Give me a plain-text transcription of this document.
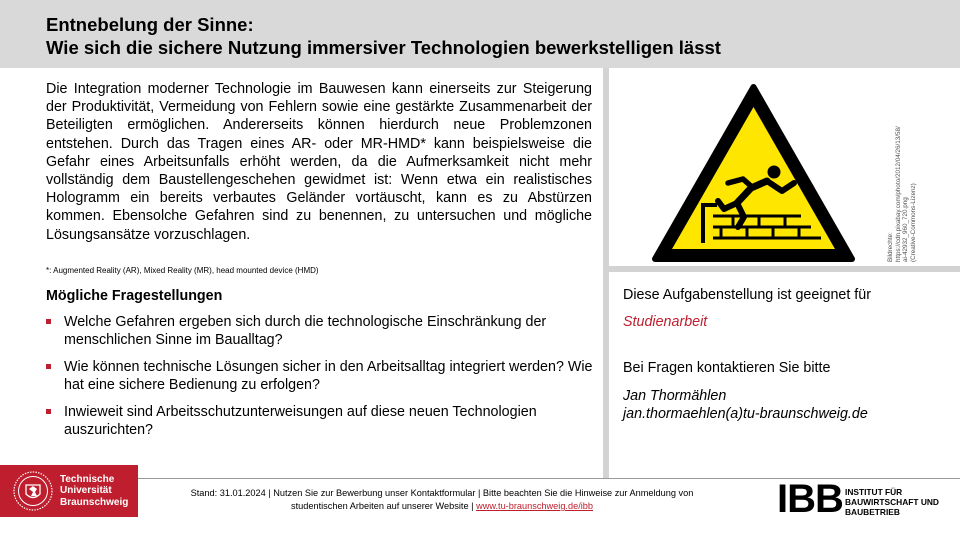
Entnebelung der Sinne:
Wie sich die sichere Nutzung immersiver Technologien bewerkstelligen lässt
Die Integration moderner Technologie im Bauwesen kann einerseits zur Steigerung der Produktivität, Vermeidung von Fehlern sowie eine gestärkte Zusammenarbeit der Beteiligten ermöglichen. Andererseits können hierdurch neue Problemzonen entstehen. Durch das Tragen eines AR- oder MR-HMD* kann beispielsweise die Gefahr eines Arbeitsunfalls erhöht werden, da die Aufmerksamkeit nicht mehr vollständig dem Baustellengeschehen gewidmet ist: Wenn etwa ein realistisches Hologramm ein bereits verbautes Geländer vortäuscht, kann es zu Abstürzen kommen. Ebensolche Gefahren sind zu benennen, zu untersuchen und mögliche Lösungsansätze vorzuschlagen.
*: Augmented Reality (AR), Mixed Reality (MR), head mounted device (HMD)
Mögliche Fragestellungen
Welche Gefahren ergeben sich durch die technologische Einschränkung der menschlichen Sinne im Baualltag?
Wie können technische Lösungen sicher in den Arbeitsalltag integriert werden? Wie hat eine sichere Bedienung zu erfolgen?
Inwieweit sind Arbeitsschutzunterweisungen auf diese neuen Technologien auszurichten?
Bildrechte: https://cdn.pixabay.com/photo/2012/04/26/13/58/ ai-42932_960_720.png (Creative-Commons-Lizenz)
Diese Aufgabenstellung ist geeignet für
Studienarbeit
Bei Fragen kontaktieren Sie bitte
Jan Thormählen
jan.thormaehlen(a)tu-braunschweig.de
Technische
Universität
Braunschweig
Stand: 31.01.2024 | Nutzen Sie zur Bewerbung unser Kontaktformular | Bitte beachten Sie die Hinweise zur Anmeldung von
studentischen Arbeiten auf unserer Website | www.tu-braunschweig.de/ibb	IBB INSTITUT FÜR
BAUWIRTSCHAFT UND
BAUBETRIEB
